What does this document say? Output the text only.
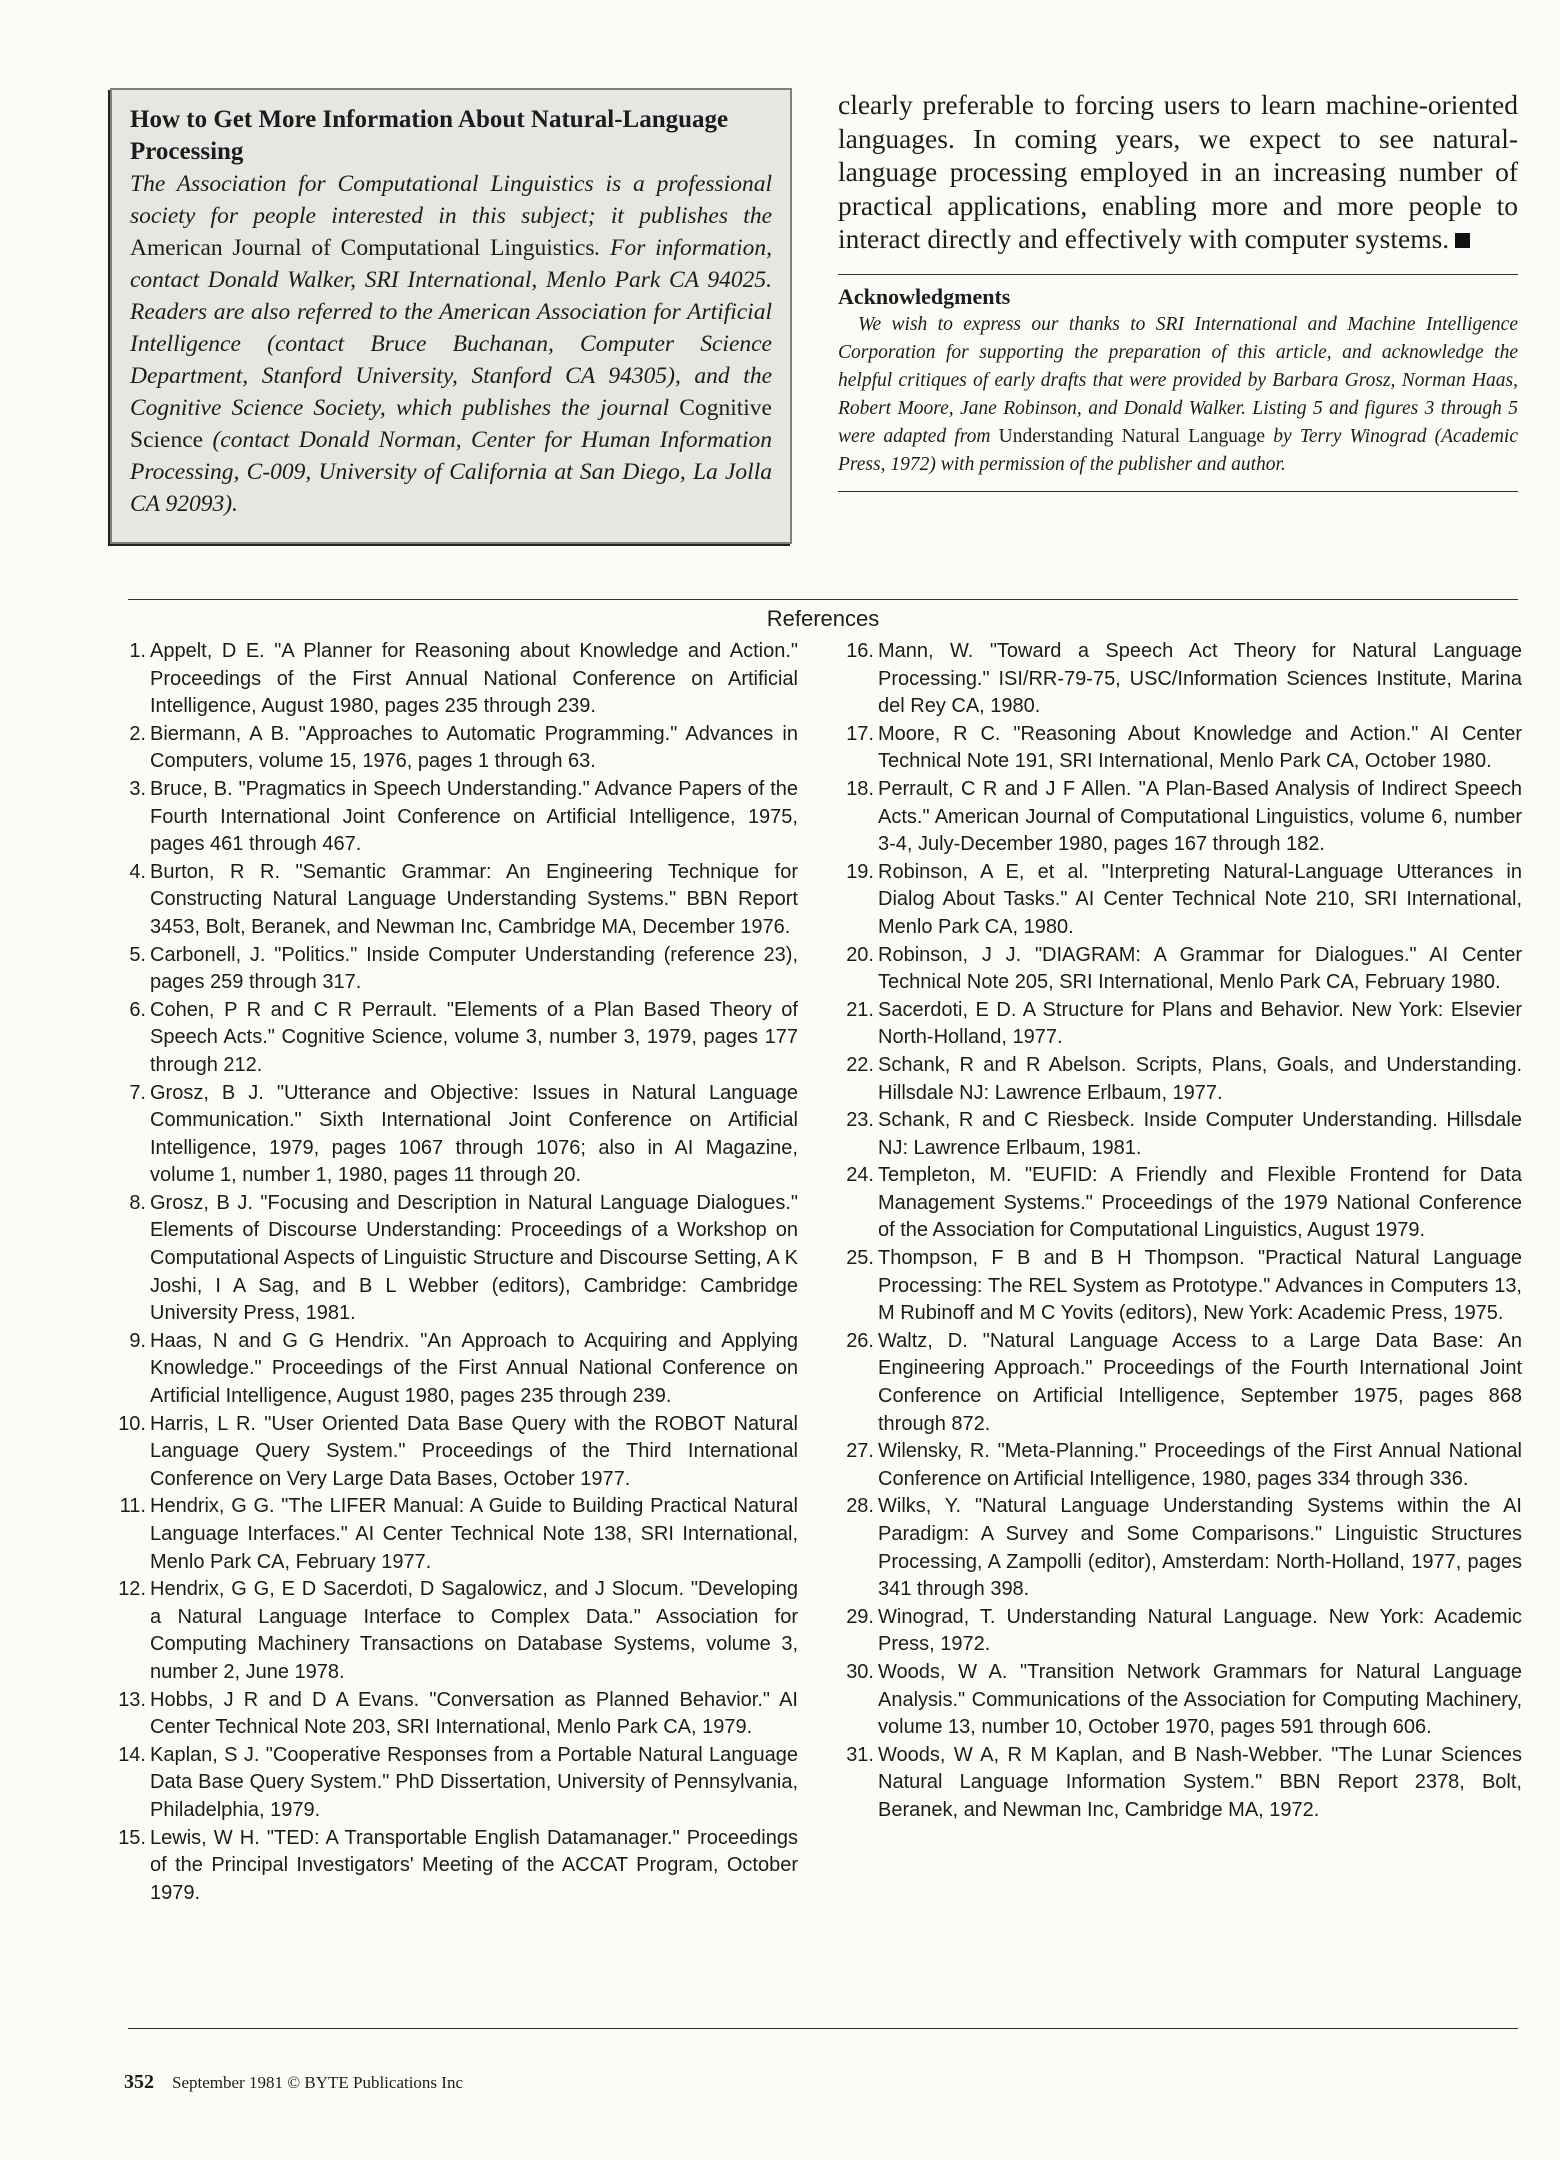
How to Get More Information About Natural-Language Processing

The Association for Computational Linguistics is a professional society for people interested in this subject; it publishes the American Journal of Computational Linguistics. For information, contact Donald Walker, SRI International, Menlo Park CA 94025. Readers are also referred to the American Association for Artificial Intelligence (contact Bruce Buchanan, Computer Science Department, Stanford University, Stanford CA 94305), and the Cognitive Science Society, which publishes the journal Cognitive Science (contact Donald Norman, Center for Human Information Processing, C-009, University of California at San Diego, La Jolla CA 92093).

clearly preferable to forcing users to learn machine-oriented languages. In coming years, we expect to see natural-language processing employed in an increasing number of practical applications, enabling more and more people to interact directly and effectively with computer systems.

Acknowledgments

We wish to express our thanks to SRI International and Machine Intelligence Corporation for supporting the preparation of this article, and acknowledge the helpful critiques of early drafts that were provided by Barbara Grosz, Norman Haas, Robert Moore, Jane Robinson, and Donald Walker. Listing 5 and figures 3 through 5 were adapted from Understanding Natural Language by Terry Winograd (Academic Press, 1972) with permission of the publisher and author.

References

1. Appelt, D E. "A Planner for Reasoning about Knowledge and Action." Proceedings of the First Annual National Conference on Artificial Intelligence, August 1980, pages 235 through 239.

2. Biermann, A B. "Approaches to Automatic Programming." Advances in Computers, volume 15, 1976, pages 1 through 63.

3. Bruce, B. "Pragmatics in Speech Understanding." Advance Papers of the Fourth International Joint Conference on Artificial Intelligence, 1975, pages 461 through 467.

4. Burton, R R. "Semantic Grammar: An Engineering Technique for Constructing Natural Language Understanding Systems." BBN Report 3453, Bolt, Beranek, and Newman Inc, Cambridge MA, December 1976.

5. Carbonell, J. "Politics." Inside Computer Understanding (reference 23), pages 259 through 317.

6. Cohen, P R and C R Perrault. "Elements of a Plan Based Theory of Speech Acts." Cognitive Science, volume 3, number 3, 1979, pages 177 through 212.

7. Grosz, B J. "Utterance and Objective: Issues in Natural Language Communication." Sixth International Joint Conference on Artificial Intelligence, 1979, pages 1067 through 1076; also in AI Magazine, volume 1, number 1, 1980, pages 11 through 20.

8. Grosz, B J. "Focusing and Description in Natural Language Dialogues." Elements of Discourse Understanding: Proceedings of a Workshop on Computational Aspects of Linguistic Structure and Discourse Setting, A K Joshi, I A Sag, and B L Webber (editors), Cambridge: Cambridge University Press, 1981.

9. Haas, N and G G Hendrix. "An Approach to Acquiring and Applying Knowledge." Proceedings of the First Annual National Conference on Artificial Intelligence, August 1980, pages 235 through 239.

10. Harris, L R. "User Oriented Data Base Query with the ROBOT Natural Language Query System." Proceedings of the Third International Conference on Very Large Data Bases, October 1977.

11. Hendrix, G G. "The LIFER Manual: A Guide to Building Practical Natural Language Interfaces." AI Center Technical Note 138, SRI International, Menlo Park CA, February 1977.

12. Hendrix, G G, E D Sacerdoti, D Sagalowicz, and J Slocum. "Developing a Natural Language Interface to Complex Data." Association for Computing Machinery Transactions on Database Systems, volume 3, number 2, June 1978.

13. Hobbs, J R and D A Evans. "Conversation as Planned Behavior." AI Center Technical Note 203, SRI International, Menlo Park CA, 1979.

14. Kaplan, S J. "Cooperative Responses from a Portable Natural Language Data Base Query System." PhD Dissertation, University of Pennsylvania, Philadelphia, 1979.

15. Lewis, W H. "TED: A Transportable English Datamanager." Proceedings of the Principal Investigators' Meeting of the ACCAT Program, October 1979.

16. Mann, W. "Toward a Speech Act Theory for Natural Language Processing." ISI/RR-79-75, USC/Information Sciences Institute, Marina del Rey CA, 1980.

17. Moore, R C. "Reasoning About Knowledge and Action." AI Center Technical Note 191, SRI International, Menlo Park CA, October 1980.

18. Perrault, C R and J F Allen. "A Plan-Based Analysis of Indirect Speech Acts." American Journal of Computational Linguistics, volume 6, number 3-4, July-December 1980, pages 167 through 182.

19. Robinson, A E, et al. "Interpreting Natural-Language Utterances in Dialog About Tasks." AI Center Technical Note 210, SRI International, Menlo Park CA, 1980.

20. Robinson, J J. "DIAGRAM: A Grammar for Dialogues." AI Center Technical Note 205, SRI International, Menlo Park CA, February 1980.

21. Sacerdoti, E D. A Structure for Plans and Behavior. New York: Elsevier North-Holland, 1977.

22. Schank, R and R Abelson. Scripts, Plans, Goals, and Understanding. Hillsdale NJ: Lawrence Erlbaum, 1977.

23. Schank, R and C Riesbeck. Inside Computer Understanding. Hillsdale NJ: Lawrence Erlbaum, 1981.

24. Templeton, M. "EUFID: A Friendly and Flexible Frontend for Data Management Systems." Proceedings of the 1979 National Conference of the Association for Computational Linguistics, August 1979.

25. Thompson, F B and B H Thompson. "Practical Natural Language Processing: The REL System as Prototype." Advances in Computers 13, M Rubinoff and M C Yovits (editors), New York: Academic Press, 1975.

26. Waltz, D. "Natural Language Access to a Large Data Base: An Engineering Approach." Proceedings of the Fourth International Joint Conference on Artificial Intelligence, September 1975, pages 868 through 872.

27. Wilensky, R. "Meta-Planning." Proceedings of the First Annual National Conference on Artificial Intelligence, 1980, pages 334 through 336.

28. Wilks, Y. "Natural Language Understanding Systems within the AI Paradigm: A Survey and Some Comparisons." Linguistic Structures Processing, A Zampolli (editor), Amsterdam: North-Holland, 1977, pages 341 through 398.

29. Winograd, T. Understanding Natural Language. New York: Academic Press, 1972.

30. Woods, W A. "Transition Network Grammars for Natural Language Analysis." Communications of the Association for Computing Machinery, volume 13, number 10, October 1970, pages 591 through 606.

31. Woods, W A, R M Kaplan, and B Nash-Webber. "The Lunar Sciences Natural Language Information System." BBN Report 2378, Bolt, Beranek, and Newman Inc, Cambridge MA, 1972.

352 September 1981 © BYTE Publications Inc
